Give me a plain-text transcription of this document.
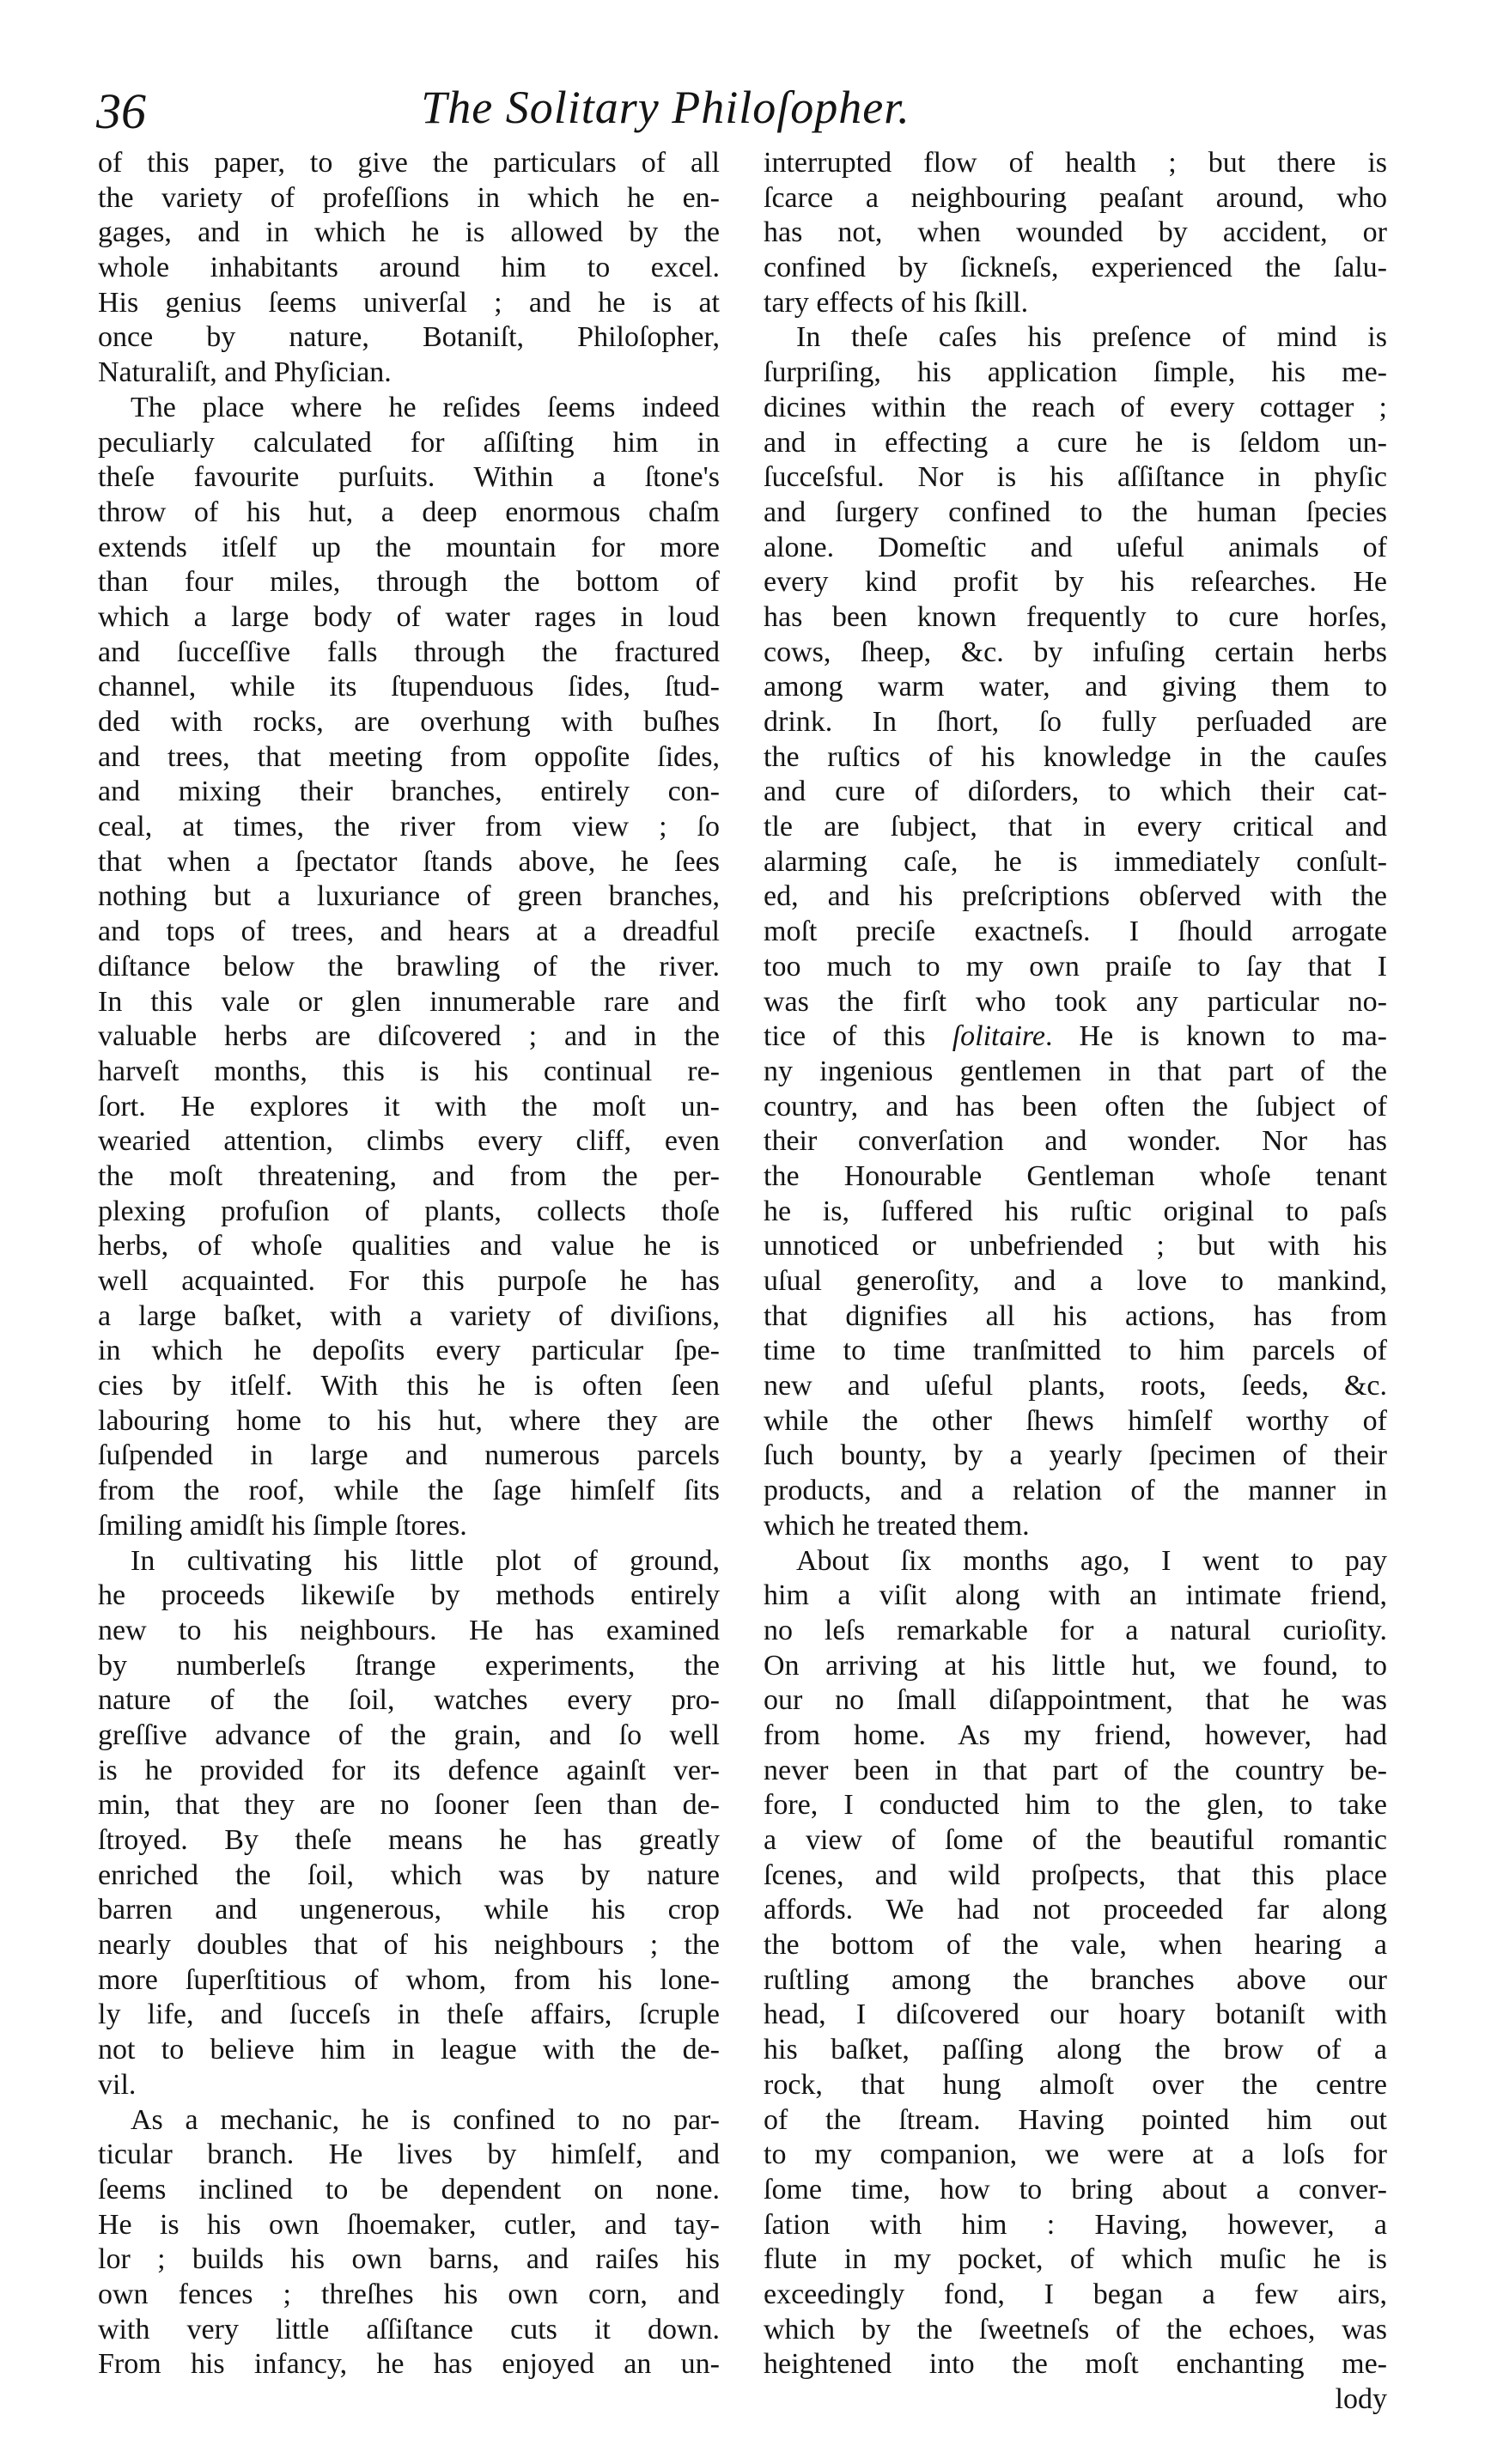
36	The Solitary Philoſopher.
of this paper, to give the particulars of all
the variety of profeſſions in which he en-
gages, and in which he is allowed by the
whole inhabitants around him to excel.
His genius ſeems univerſal ; and he is at
once by nature, Botaniſt, Philoſopher,
Naturaliſt, and Phyſician.
The place where he reſides ſeems indeed
peculiarly calculated for aſſiſting him in
theſe favourite purſuits. Within a ſtone's
throw of his hut, a deep enormous chaſm
extends itſelf up the mountain for more
than four miles, through the bottom of
which a large body of water rages in loud
and ſucceſſive falls through the fractured
channel, while its ſtupenduous ſides, ſtud-
ded with rocks, are overhung with buſhes
and trees, that meeting from oppoſite ſides,
and mixing their branches, entirely con-
ceal, at times, the river from view ; ſo
that when a ſpectator ſtands above, he ſees
nothing but a luxuriance of green branches,
and tops of trees, and hears at a dreadful
diſtance below the brawling of the river.
In this vale or glen innumerable rare and
valuable herbs are diſcovered ; and in the
harveſt months, this is his continual re-
ſort. He explores it with the moſt un-
wearied attention, climbs every cliff, even
the moſt threatening, and from the per-
plexing profuſion of plants, collects thoſe
herbs, of whoſe qualities and value he is
well acquainted. For this purpoſe he has
a large baſket, with a variety of diviſions,
in which he depoſits every particular ſpe-
cies by itſelf. With this he is often ſeen
labouring home to his hut, where they are
ſuſpended in large and numerous parcels
from the roof, while the ſage himſelf ſits
ſmiling amidſt his ſimple ſtores.
In cultivating his little plot of ground,
he proceeds likewiſe by methods entirely
new to his neighbours. He has examined
by numberleſs ſtrange experiments, the
nature of the ſoil, watches every pro-
greſſive advance of the grain, and ſo well
is he provided for its defence againſt ver-
min, that they are no ſooner ſeen than de-
ſtroyed. By theſe means he has greatly
enriched the ſoil, which was by nature
barren and ungenerous, while his crop
nearly doubles that of his neighbours ; the
more ſuperſtitious of whom, from his lone-
ly life, and ſucceſs in theſe affairs, ſcruple
not to believe him in league with the de-
vil.
As a mechanic, he is confined to no par-
ticular branch. He lives by himſelf, and
ſeems inclined to be dependent on none.
He is his own ſhoemaker, cutler, and tay-
lor ; builds his own barns, and raiſes his
own fences ; threſhes his own corn, and
with very little aſſiſtance cuts it down.
From his infancy, he has enjoyed an un-
interrupted flow of health ; but there is
ſcarce a neighbouring peaſant around, who
has not, when wounded by accident, or
confined by ſickneſs, experienced the ſalu-
tary effects of his ſkill.
In theſe caſes his preſence of mind is
ſurpriſing, his application ſimple, his me-
dicines within the reach of every cottager ;
and in effecting a cure he is ſeldom un-
ſucceſsful. Nor is his aſſiſtance in phyſic
and ſurgery confined to the human ſpecies
alone. Domeſtic and uſeful animals of
every kind profit by his reſearches. He
has been known frequently to cure horſes,
cows, ſheep, &c. by infuſing certain herbs
among warm water, and giving them to
drink. In ſhort, ſo fully perſuaded are
the ruſtics of his knowledge in the cauſes
and cure of diſorders, to which their cat-
tle are ſubject, that in every critical and
alarming caſe, he is immediately conſult-
ed, and his preſcriptions obſerved with the
moſt preciſe exactneſs. I ſhould arrogate
too much to my own praiſe to ſay that I
was the firſt who took any particular no-
tice of this ſolitaire. He is known to ma-
ny ingenious gentlemen in that part of the
country, and has been often the ſubject of
their converſation and wonder. Nor has
the Honourable Gentleman whoſe tenant
he is, ſuffered his ruſtic original to paſs
unnoticed or unbefriended ; but with his
uſual generoſity, and a love to mankind,
that dignifies all his actions, has from
time to time tranſmitted to him parcels of
new and uſeful plants, roots, ſeeds, &c.
while the other ſhews himſelf worthy of
ſuch bounty, by a yearly ſpecimen of their
products, and a relation of the manner in
which he treated them.
About ſix months ago, I went to pay
him a viſit along with an intimate friend,
no leſs remarkable for a natural curioſity.
On arriving at his little hut, we found, to
our no ſmall diſappointment, that he was
from home. As my friend, however, had
never been in that part of the country be-
fore, I conducted him to the glen, to take
a view of ſome of the beautiful romantic
ſcenes, and wild proſpects, that this place
affords. We had not proceeded far along
the bottom of the vale, when hearing a
ruſtling among the branches above our
head, I diſcovered our hoary botaniſt with
his baſket, paſſing along the brow of a
rock, that hung almoſt over the centre
of the ſtream. Having pointed him out
to my companion, we were at a loſs for
ſome time, how to bring about a conver-
ſation with him : Having, however, a
flute in my pocket, of which muſic he is
exceedingly fond, I began a few airs,
which by the ſweetneſs of the echoes, was
heightened into the moſt enchanting me-
lody
